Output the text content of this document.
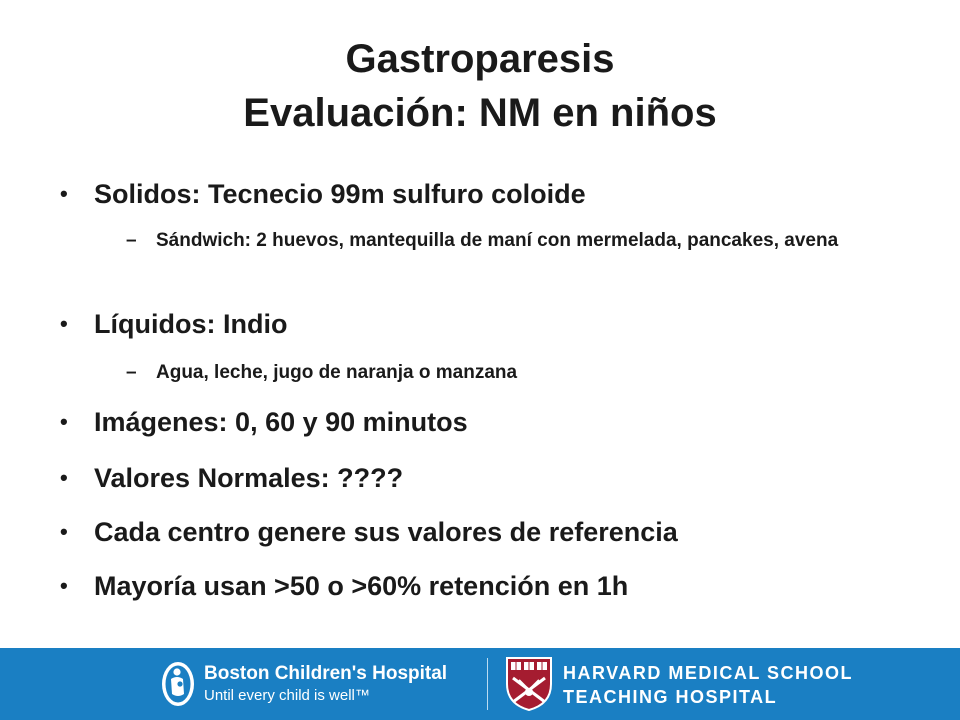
Gastroparesis
Evaluación: NM en niños
• Solidos: Tecnecio 99m sulfuro coloide
– Sándwich: 2 huevos, mantequilla de maní con mermelada, pancakes, avena
• Líquidos: Indio
– Agua, leche, jugo de naranja o manzana
• Imágenes: 0, 60 y 90 minutos
• Valores Normales: ????
• Cada centro genere sus valores de referencia
• Mayoría usan >50 o >60% retención en 1h
Boston Children's Hospital
Until every child is well™
HARVARD MEDICAL SCHOOL
TEACHING HOSPITAL
